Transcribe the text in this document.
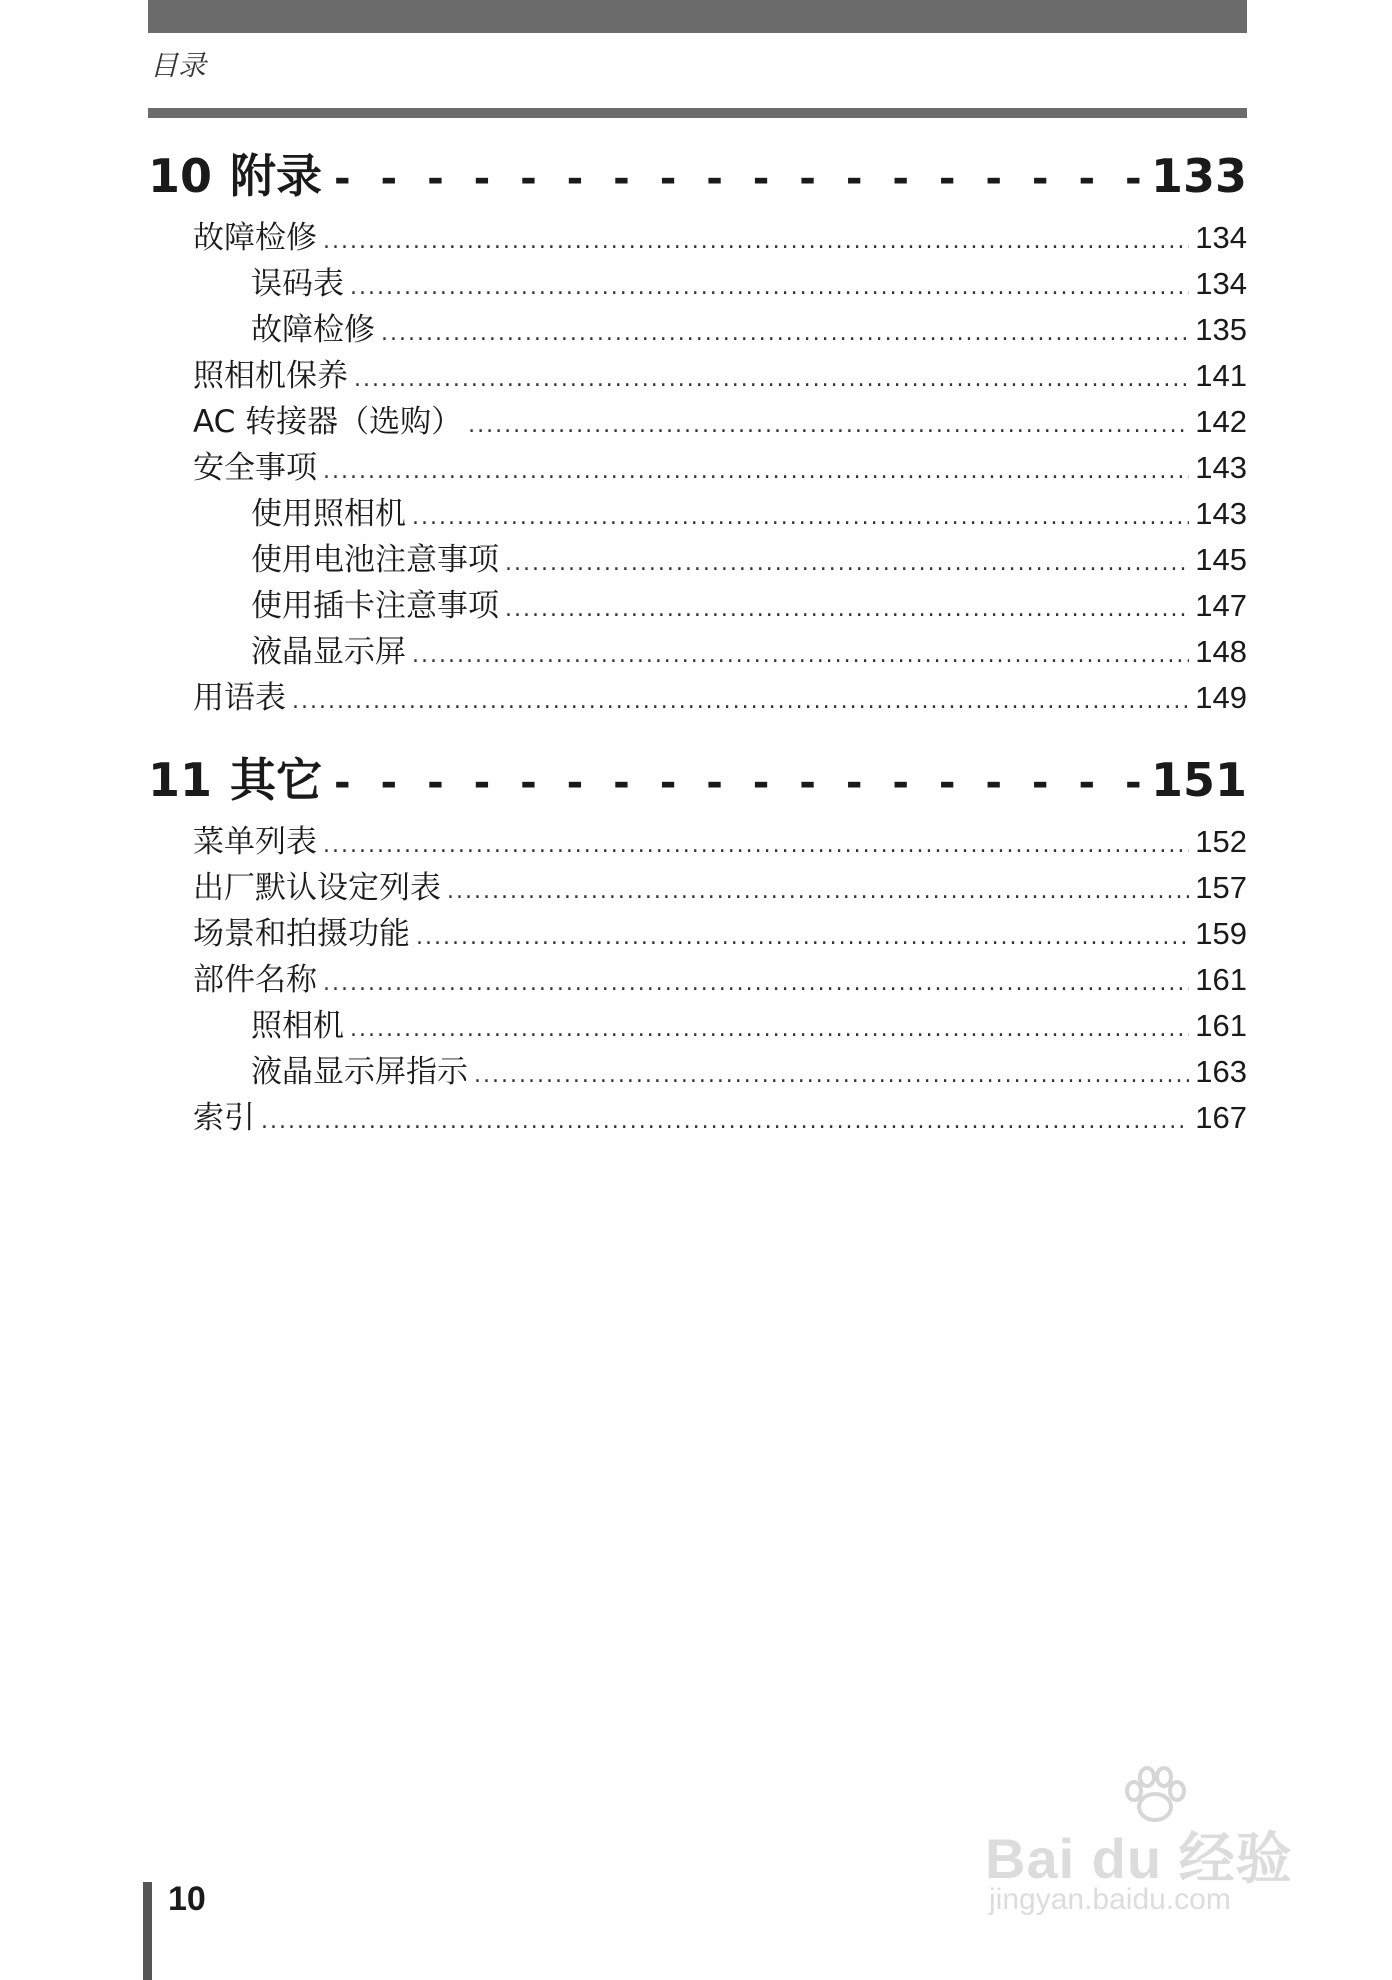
目录
10 附录 - - -	133
故障检修 .....	134
误码表 .....	134
故障检修 .....	135
照相机保养 .....	141
AC 转接器（选购） .....	142
安全事项 .....	143
使用照相机 .....	143
使用电池注意事项 .....	145
使用插卡注意事项 .....	147
液晶显示屏 .....	148
用语表 .....	149
11 其它 - - -	151
菜单列表 .....	152
出厂默认设定列表 .....	157
场景和拍摄功能 .....	159
部件名称 .....	161
照相机 .....	161
液晶显示屏指示 .....	163
索引 .....	167
Bai du 经验
jingyan.baidu.com
10
